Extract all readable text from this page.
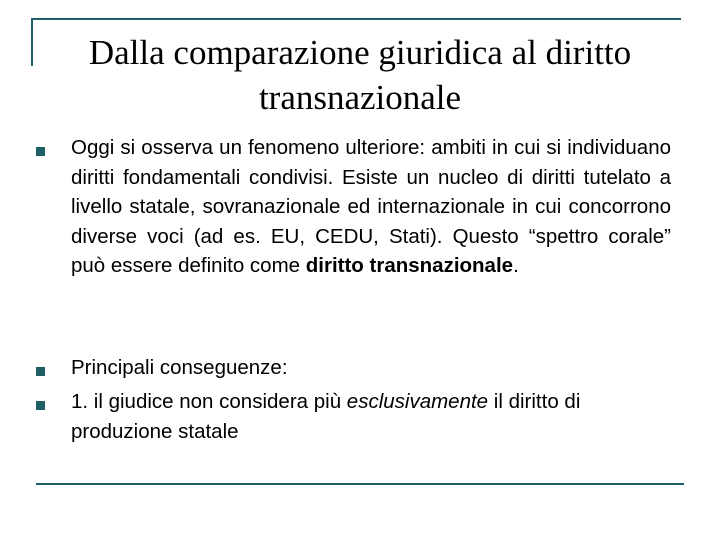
Dalla comparazione giuridica al diritto
transnazionale
Oggi si osserva un fenomeno ulteriore: ambiti in cui si individuano diritti fondamentali condivisi. Esiste un nucleo di diritti tutelato a livello statale, sovranazionale ed internazionale in cui concorrono diverse voci (ad es. EU, CEDU, Stati). Questo “spettro corale” può essere definito come diritto transnazionale.
Principali conseguenze:
1. il giudice non considera più esclusivamente il diritto di produzione statale
